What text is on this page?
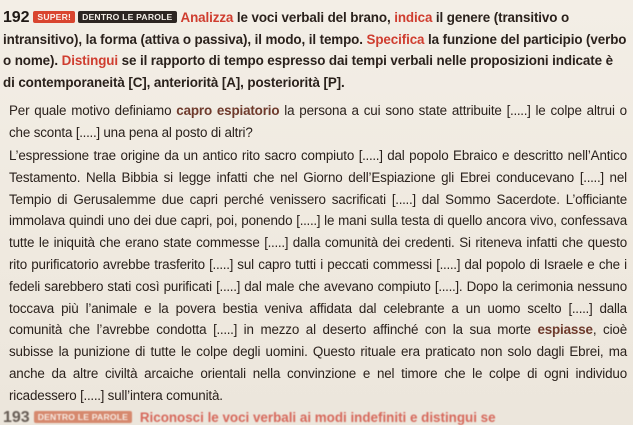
192 SUPER! DENTRO LE PAROLE Analizza le voci verbali del brano, indica il genere (transitivo o intransitivo), la forma (attiva o passiva), il modo, il tempo. Specifica la funzione del participio (verbo o nome). Distingui se il rapporto di tempo espresso dai tempi verbali nelle proposizioni indicate è di contemporaneità [C], anteriorità [A], posteriorità [P].
Per quale motivo definiamo capro espiatorio la persona a cui sono state attribuite [.....] le colpe altrui o che sconta [.....] una pena al posto di altri?
L’espressione trae origine da un antico rito sacro compiuto [.....] dal popolo Ebraico e descritto nell’Antico Testamento. Nella Bibbia si legge infatti che nel Giorno dell’Espiazione gli Ebrei conducevano [.....] nel Tempio di Gerusalemme due capri perché venissero sacrificati [.....] dal Sommo Sacerdote. L’officiante immolava quindi uno dei due capri, poi, ponendo [.....] le mani sulla testa di quello ancora vivo, confessava tutte le iniquità che erano state commesse [.....] dalla comunità dei credenti. Si riteneva infatti che questo rito purificatorio avrebbe trasferito [.....] sul capro tutti i peccati commessi [.....] dal popolo di Israele e che i fedeli sarebbero stati così purificati [.....] dal male che avevano compiuto [.....]. Dopo la cerimonia nessuno toccava più l’animale e la povera bestia veniva affidata dal celebrante a un uomo scelto [.....] dalla comunità che l’avrebbe condotta [.....] in mezzo al deserto affinché con la sua morte espiasse, cioè subisse la punizione di tutte le colpe degli uomini. Questo rituale era praticato non solo dagli Ebrei, ma anche da altre civiltà arcaiche orientali nella convinzione e nel timore che le colpe di ogni individuo ricadessero [.....] sull’intera comunità.
193 DENTRO LE PAROLE Riconosci le voci verbali ai modi indefiniti e distingui se
